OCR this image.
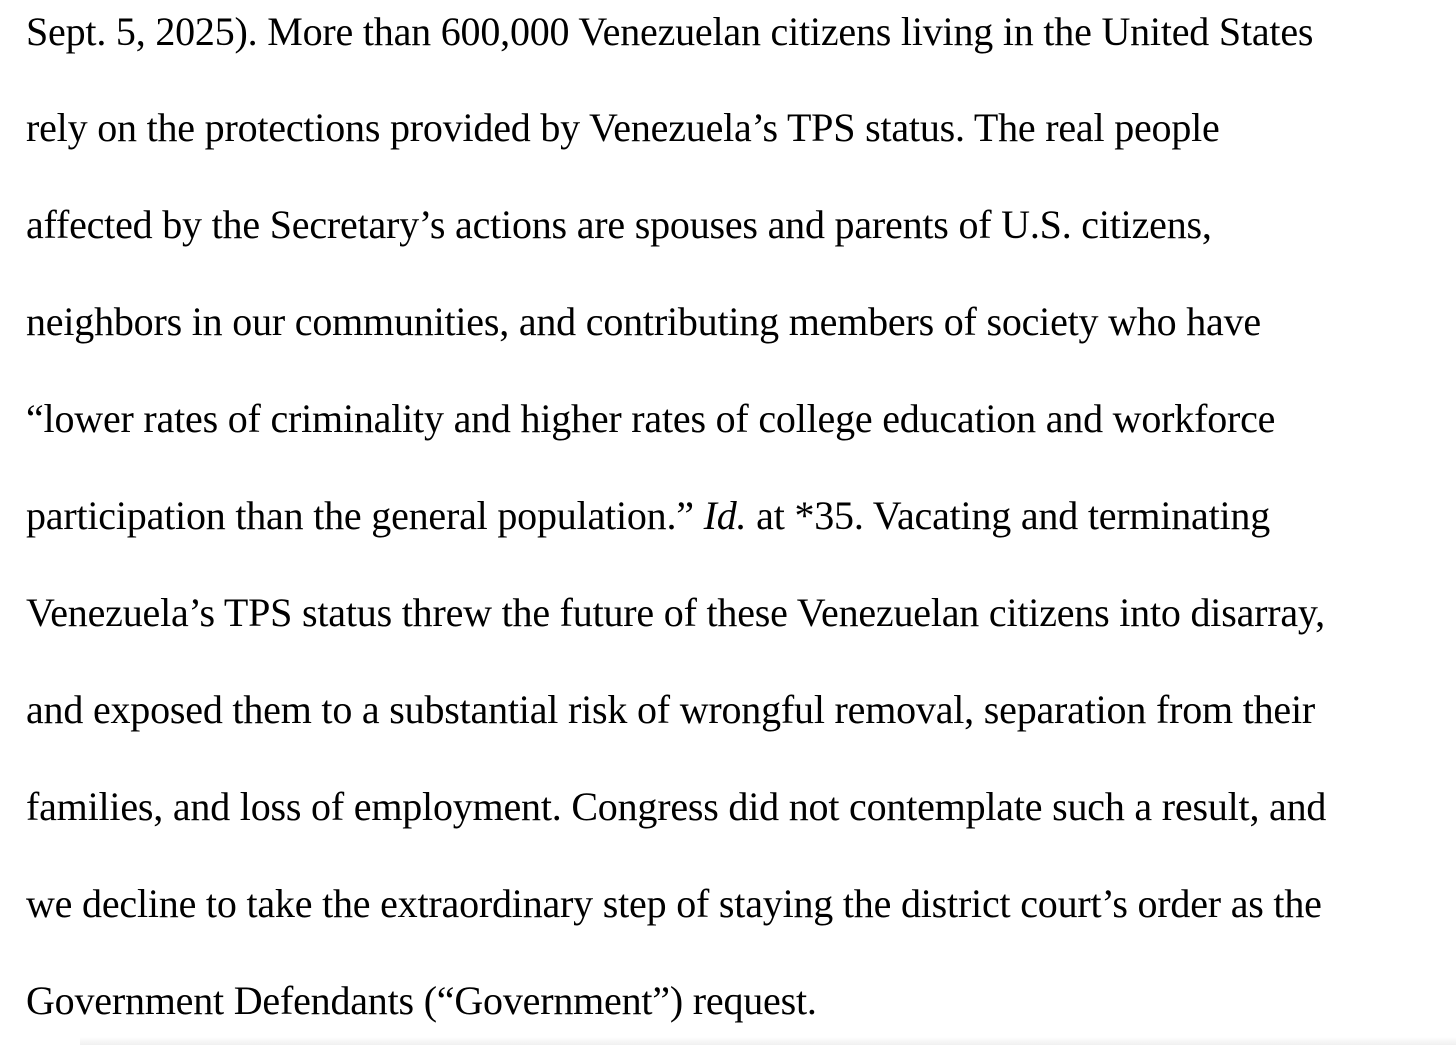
Sept. 5, 2025). More than 600,000 Venezuelan citizens living in the United States
rely on the protections provided by Venezuela’s TPS status. The real people
affected by the Secretary’s actions are spouses and parents of U.S. citizens,
neighbors in our communities, and contributing members of society who have
“lower rates of criminality and higher rates of college education and workforce
participation than the general population.” Id. at *35. Vacating and terminating
Venezuela’s TPS status threw the future of these Venezuelan citizens into disarray,
and exposed them to a substantial risk of wrongful removal, separation from their
families, and loss of employment. Congress did not contemplate such a result, and
we decline to take the extraordinary step of staying the district court’s order as the
Government Defendants (“Government”) request.
